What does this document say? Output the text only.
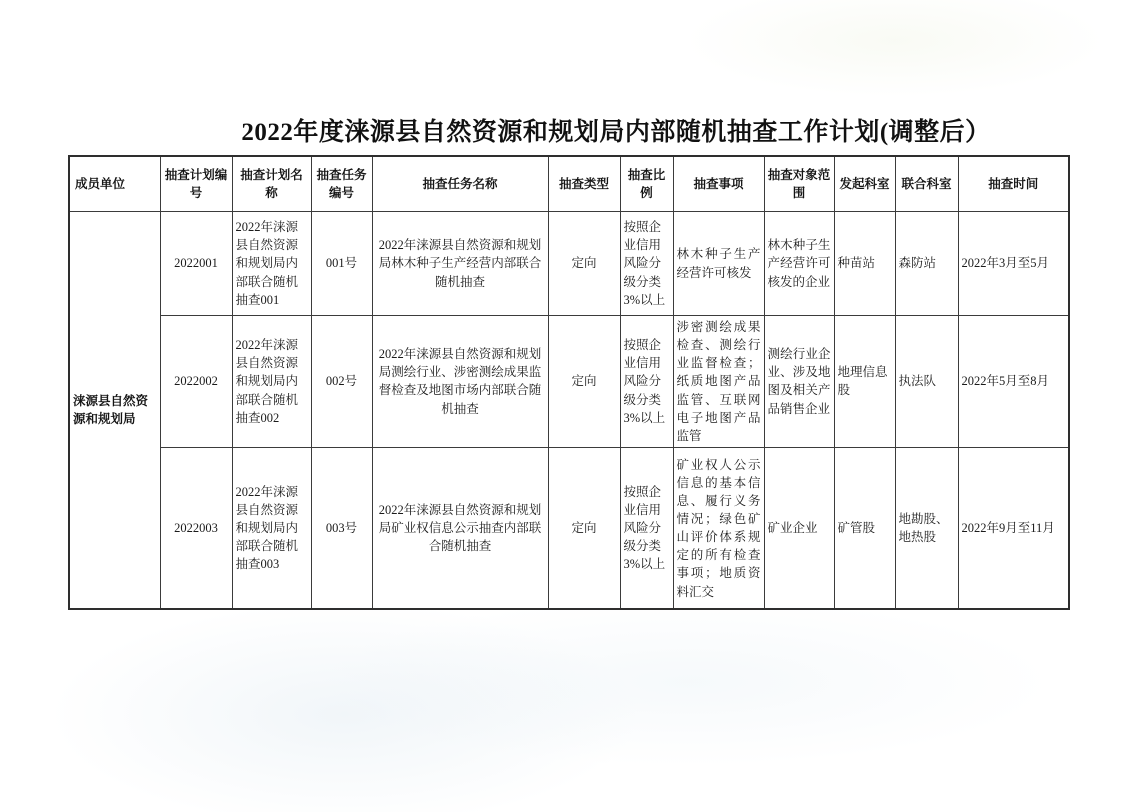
2022年度涞源县自然资源和规划局内部随机抽查工作计划(调整后）
成员单位	抽查计划编号	抽查计划名称	抽查任务编号	抽查任务名称	抽查类型	抽查比例	抽查事项	抽查对象范围	发起科室	联合科室	抽查时间
涞源县自然资源和规划局	2022001	2022年涞源县自然资源和规划局内部联合随机抽查001	001号	2022年涞源县自然资源和规划局林木种子生产经营内部联合随机抽查	定向	按照企业信用风险分级分类3%以上	林木种子生产经营许可核发	林木种子生产经营许可核发的企业	种苗站	森防站	2022年3月至5月
	2022002	2022年涞源县自然资源和规划局内部联合随机抽查002	002号	2022年涞源县自然资源和规划局测绘行业、涉密测绘成果监督检查及地图市场内部联合随机抽查	定向	按照企业信用风险分级分类3%以上	涉密测绘成果检查、测绘行业监督检查；纸质地图产品监管、互联网电子地图产品监管	测绘行业企业、涉及地图及相关产品销售企业	地理信息股	执法队	2022年5月至8月
	2022003	2022年涞源县自然资源和规划局内部联合随机抽查003	003号	2022年涞源县自然资源和规划局矿业权信息公示抽查内部联合随机抽查	定向	按照企业信用风险分级分类3%以上	矿业权人公示信息的基本信息、履行义务情况；绿色矿山评价体系规定的所有检查事项；地质资料汇交	矿业企业	矿管股	地勘股、地热股	2022年9月至11月
